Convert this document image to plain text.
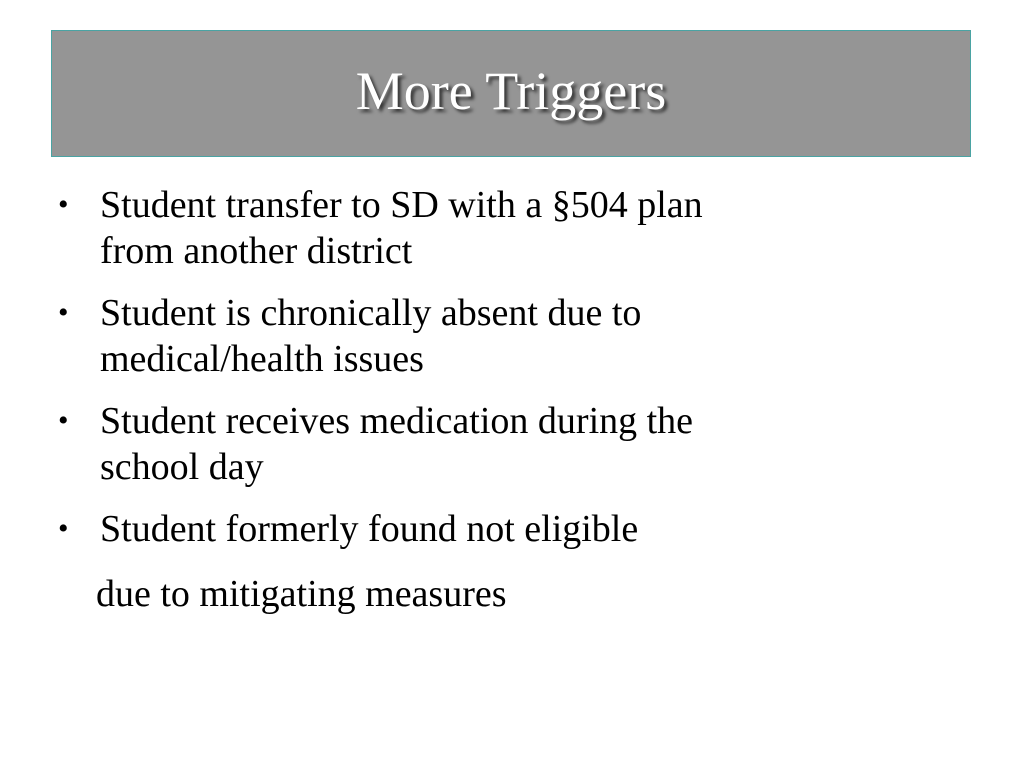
More Triggers
• Student transfer to SD with a §504 plan
from another district
• Student is chronically absent due to
medical/health issues
• Student receives medication during the
school day
• Student formerly found not eligible
due to mitigating measures
